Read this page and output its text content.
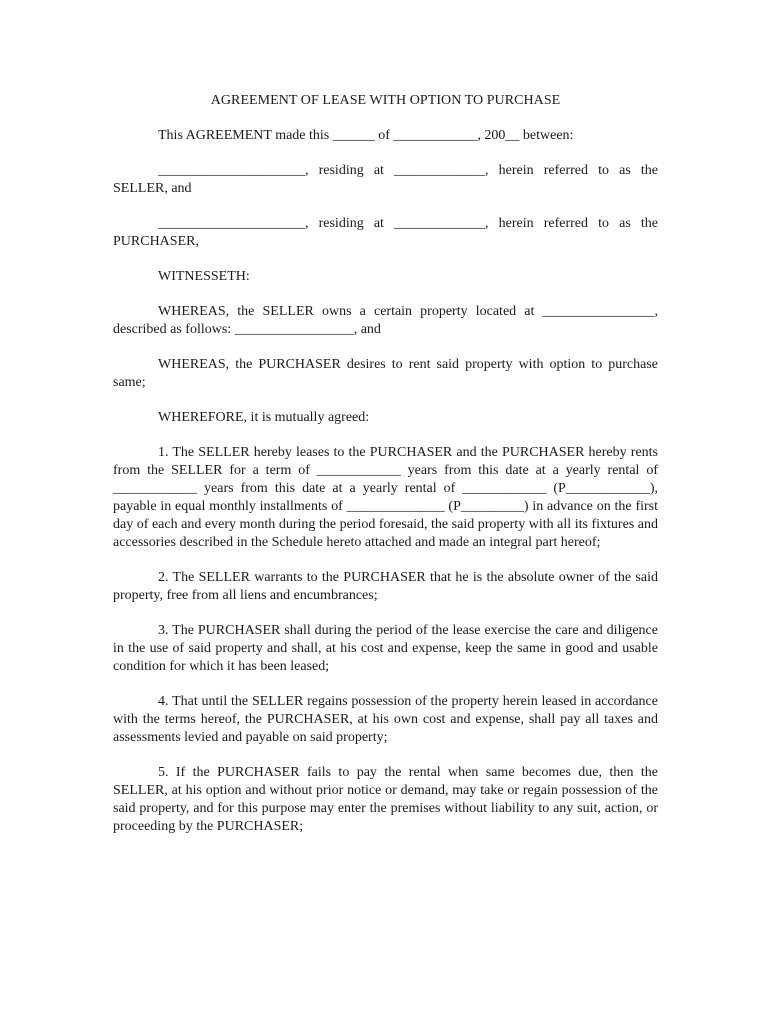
AGREEMENT OF LEASE WITH OPTION TO PURCHASE

This AGREEMENT made this ______ of ____________, 200__ between:

_____________________, residing at _____________, herein referred to as the SELLER, and

_____________________, residing at _____________, herein referred to as the PURCHASER,

WITNESSETH:

WHEREAS, the SELLER owns a certain property located at ________________, described as follows: _________________, and

WHEREAS, the PURCHASER desires to rent said property with option to purchase same;

WHEREFORE, it is mutually agreed:

1. The SELLER hereby leases to the PURCHASER and the PURCHASER hereby rents from the SELLER for a term of ____________ years from this date at a yearly rental of ____________ years from this date at a yearly rental of ____________ (P____________), payable in equal monthly installments of ______________ (P_________) in advance on the first day of each and every month during the period foresaid, the said property with all its fixtures and accessories described in the Schedule hereto attached and made an integral part hereof;

2. The SELLER warrants to the PURCHASER that he is the absolute owner of the said property, free from all liens and encumbrances;

3. The PURCHASER shall during the period of the lease exercise the care and diligence in the use of said property and shall, at his cost and expense, keep the same in good and usable condition for which it has been leased;

4. That until the SELLER regains possession of the property herein leased in accordance with the terms hereof, the PURCHASER, at his own cost and expense, shall pay all taxes and assessments levied and payable on said property;

5. If the PURCHASER fails to pay the rental when same becomes due, then the SELLER, at his option and without prior notice or demand, may take or regain possession of the said property, and for this purpose may enter the premises without liability to any suit, action, or proceeding by the PURCHASER;
